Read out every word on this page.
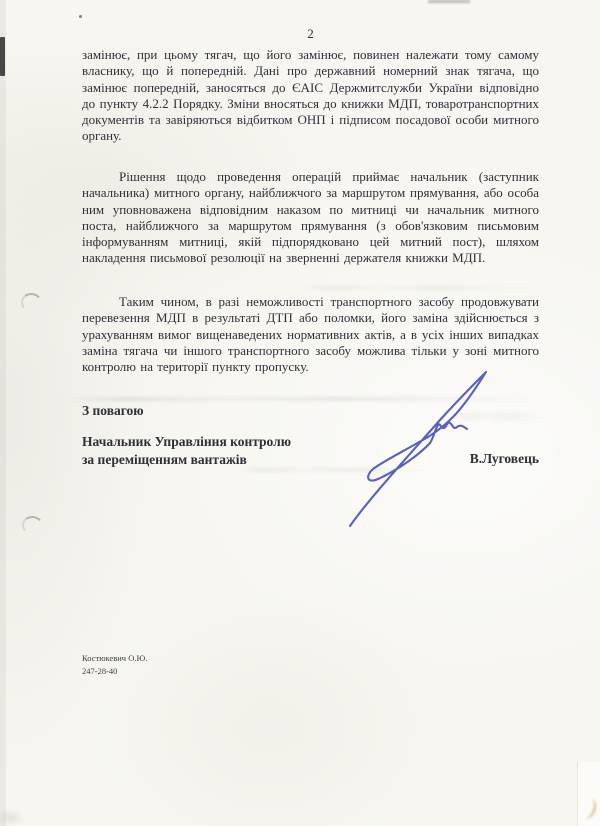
2
замінює, при цьому тягач, що його замінює, повинен належати тому самому власнику, що й попередній. Дані про державний номерний знак тягача, що замінює попередній, заносяться до ЄАІС Держмитслужби України відповідно до пункту 4.2.2 Порядку. Зміни вносяться до книжки МДП, товаротранспортних документів та завіряються відбитком ОНП і підписом посадової особи митного органу.
Рішення щодо проведення операцій приймає начальник (заступник начальника) митного органу, найближчого за маршрутом прямування, або особа ним уповноважена відповідним наказом по митниці чи начальник митного поста, найближчого за маршрутом прямування (з обов'язковим письмовим інформуванням митниці, якій підпорядковано цей митний пост), шляхом накладення письмової резолюції на зверненні держателя книжки МДП.
Таким чином, в разі неможливості транспортного засобу продовжувати перевезення МДП в результаті ДТП або поломки, його заміна здійснюється з урахуванням вимог вищенаведених нормативних актів, а в усіх інших випадках заміна тягача чи іншого транспортного засобу можлива тільки у зоні митного контролю на території пункту пропуску.
З повагою
Начальник Управління контролю
за переміщенням вантажів	В.Луговець
Костюкевич О.Ю.
247-28-40
